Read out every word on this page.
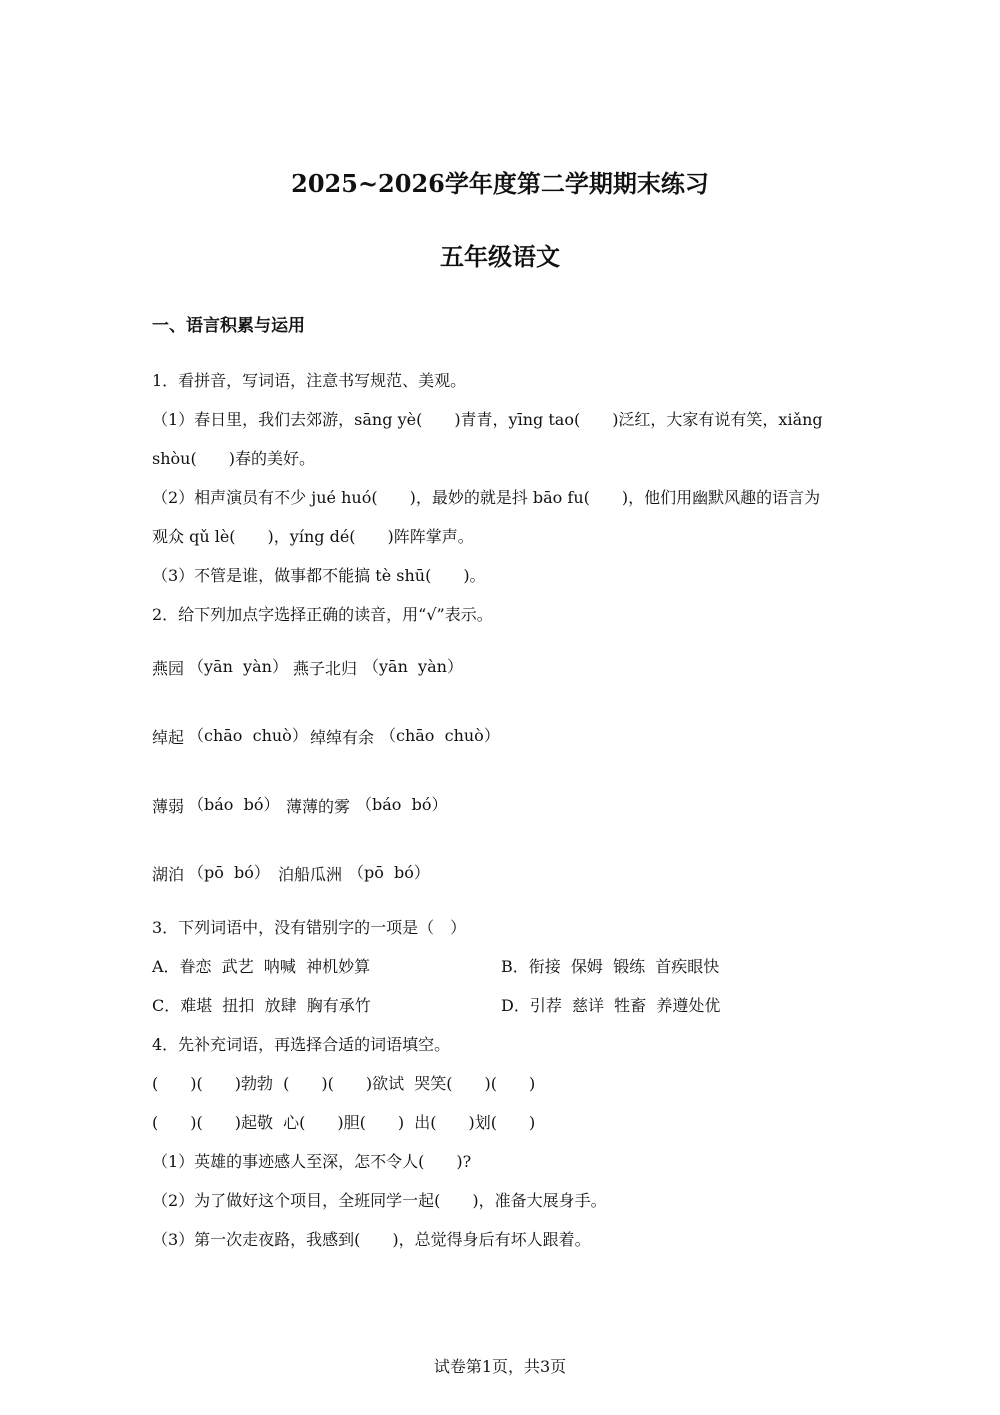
2025~2026学年度第二学期期末练习
五年级语文
一、语言积累与运用
1．看拼音，写词语，注意书写规范、美观。
（1）春日里，我们去郊游，sāng yè(　　)青青，yīng tao(　　)泛红，大家有说有笑，xiǎng
shòu(　　)春的美好。
（2）相声演员有不少 jué huó(　　)，最妙的就是抖 bāo fu(　　)，他们用幽默风趣的语言为
观众 qǔ lè(　　)，yíng dé(　　)阵阵掌声。
（3）不管是谁，做事都不能搞 tè shū(　　)。
2．给下列加点字选择正确的读音，用“√”表示。
燕园 （yān  yàn） 燕子北归 （yān  yàn）
绰起 （chāo  chuò） 绰绰有余 （chāo  chuò）
薄弱 （báo  bó） 薄薄的雾 （báo  bó）
湖泊 （pō  bó） 泊船瓜洲 （pō  bó）
3．下列词语中，没有错别字的一项是（　）
A．眷恋  武艺  呐喊  神机妙算	B．衔接  保姆  锻练  首疾眼快
C．难堪  扭扣  放肆  胸有承竹	D．引荐  慈详  牲畜  养遵处优
4．先补充词语，再选择合适的词语填空。
(　　)(　　)勃勃  (　　)(　　)欲试  哭笑(　　)(　　)
(　　)(　　)起敬  心(　　)胆(　　)  出(　　)划(　　)
（1）英雄的事迹感人至深，怎不令人(　　)?
（2）为了做好这个项目，全班同学一起(　　)，准备大展身手。
（3）第一次走夜路，我感到(　　)，总觉得身后有坏人跟着。
试卷第1页，共3页
